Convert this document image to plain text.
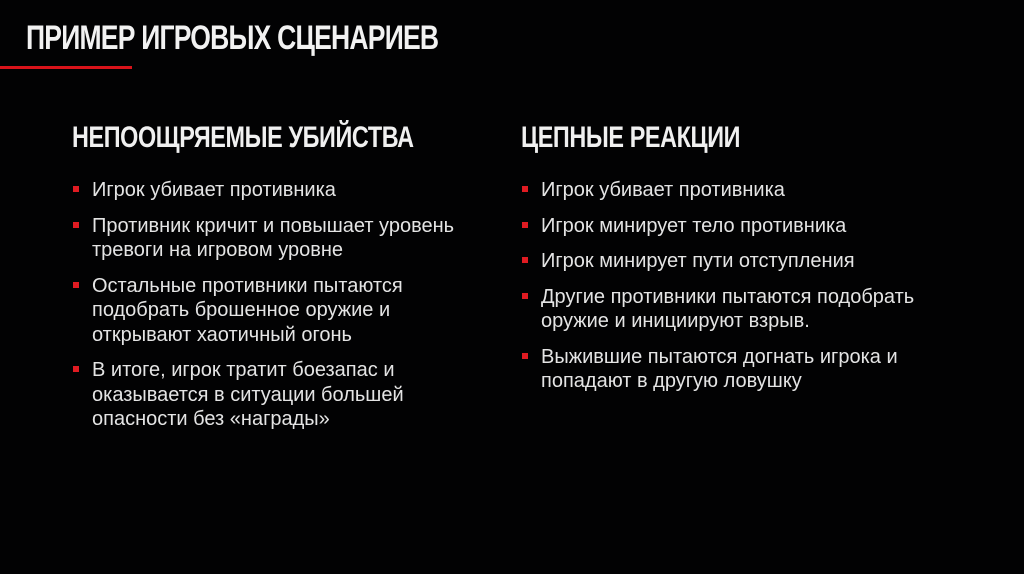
ПРИМЕР ИГРОВЫХ СЦЕНАРИЕВ
НЕПООЩРЯЕМЫЕ УБИЙСТВА
Игрок убивает противника
Противник кричит и повышает уровень тревоги на игровом уровне
Остальные противники пытаются подобрать брошенное оружие и открывают хаотичный огонь
В итоге, игрок тратит боезапас и оказывается в ситуации большей опасности без «награды»
ЦЕПНЫЕ РЕАКЦИИ
Игрок убивает противника
Игрок минирует тело противника
Игрок минирует пути отступления
Другие противники пытаются подобрать оружие и инициируют взрыв.
Выжившие пытаются догнать игрока и попадают в другую ловушку
